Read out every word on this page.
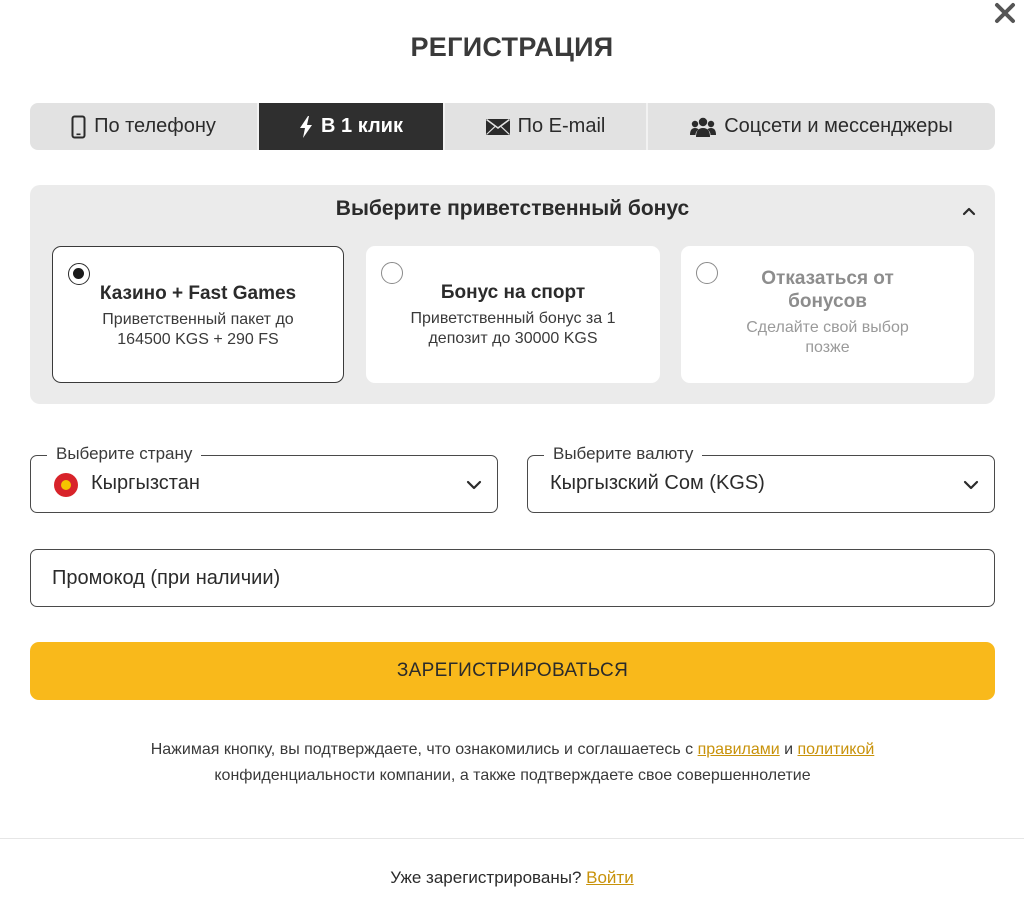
РЕГИСТРАЦИЯ
По телефону	В 1 клик	По E-mail	Соцсети и мессенджеры
Выберите приветственный бонус
Казино + Fast Games
Приветственный пакет до 164500 KGS + 290 FS
Бонус на спорт
Приветственный бонус за 1 депозит до 30000 KGS
Отказаться от бонусов
Сделайте свой выбор позже
Выберите страну
Кыргызстан
Выберите валюту
Кыргызский Сом (KGS)
Промокод (при наличии)
ЗАРЕГИСТРИРОВАТЬСЯ
Нажимая кнопку, вы подтверждаете, что ознакомились и соглашаетесь с правилами и политикой
конфиденциальности компании, а также подтверждаете свое совершеннолетие
Уже зарегистрированы? Войти
